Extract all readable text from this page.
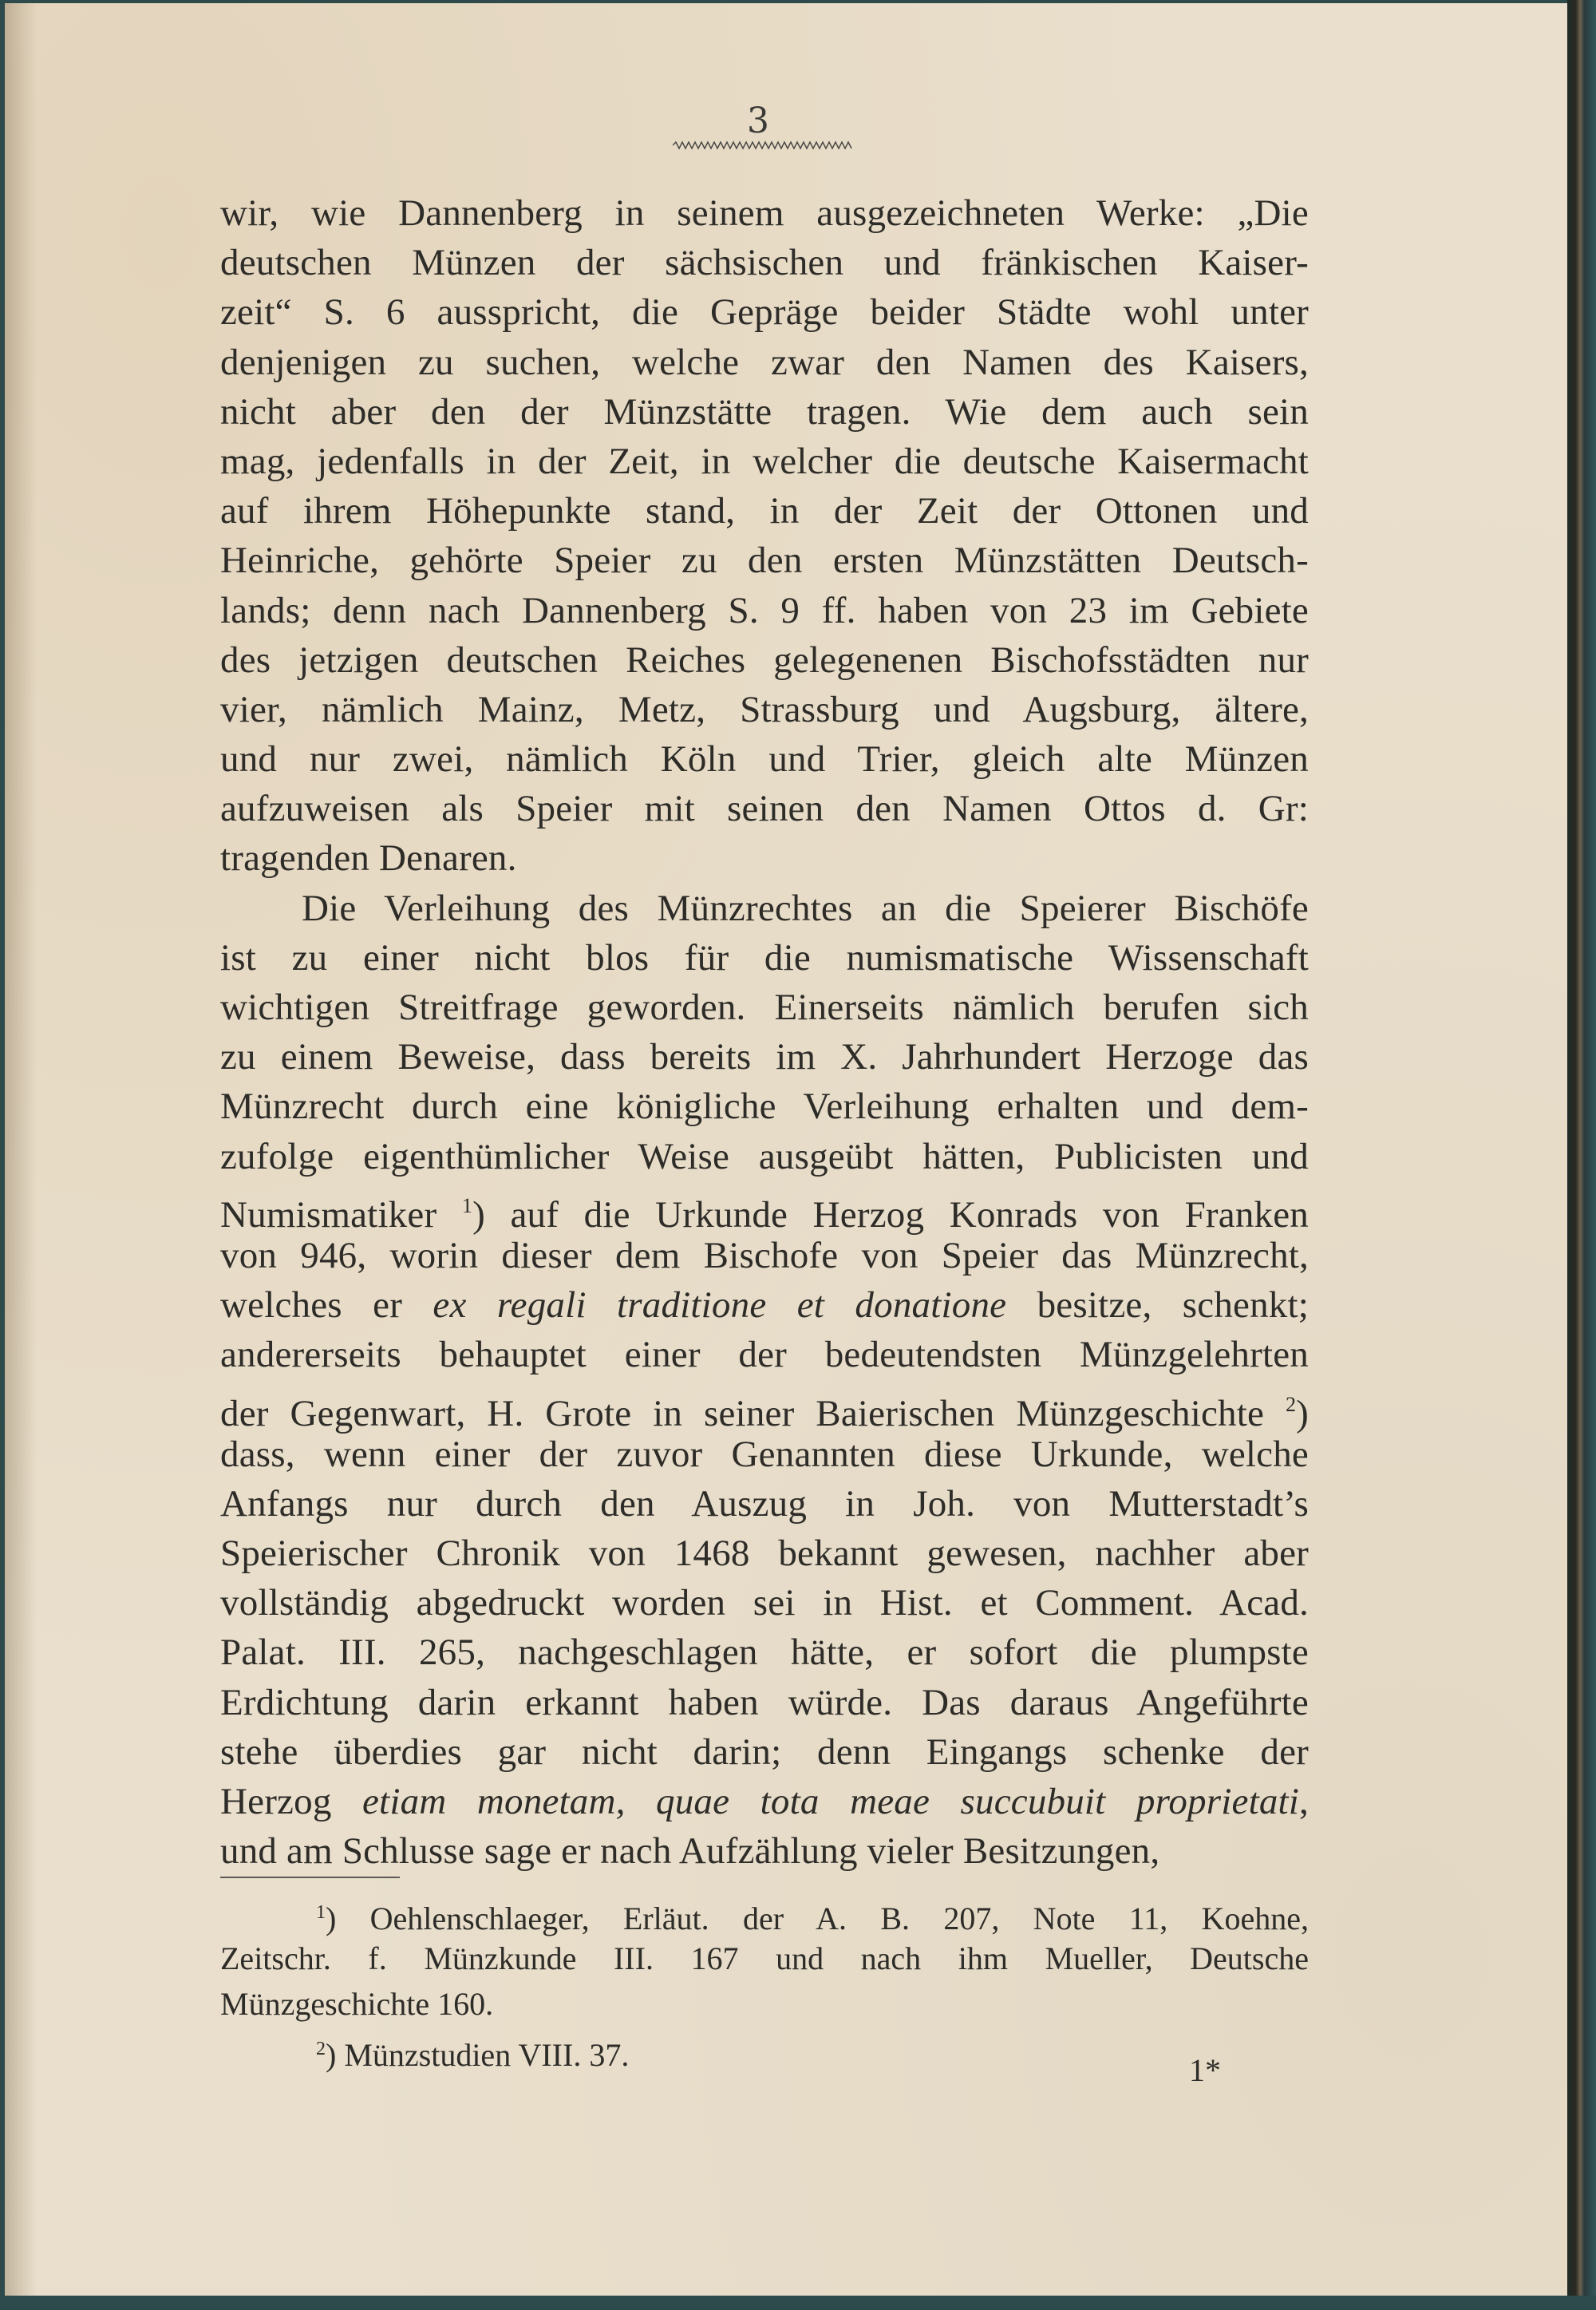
3
wir, wie Dannenberg in seinem ausgezeichneten Werke: „Die
deutschen Münzen der sächsischen und fränkischen Kaiser-
zeit“ S. 6 ausspricht, die Gepräge beider Städte wohl unter
denjenigen zu suchen, welche zwar den Namen des Kaisers,
nicht aber den der Münzstätte tragen. Wie dem auch sein
mag, jedenfalls in der Zeit, in welcher die deutsche Kaisermacht
auf ihrem Höhepunkte stand, in der Zeit der Ottonen und
Heinriche, gehörte Speier zu den ersten Münzstätten Deutsch-
lands; denn nach Dannenberg S. 9 ff. haben von 23 im Gebiete
des jetzigen deutschen Reiches gelegenenen Bischofsstädten nur
vier, nämlich Mainz, Metz, Strassburg und Augsburg, ältere,
und nur zwei, nämlich Köln und Trier, gleich alte Münzen
aufzuweisen als Speier mit seinen den Namen Ottos d. Gr:
tragenden Denaren.
Die Verleihung des Münzrechtes an die Speierer Bischöfe
ist zu einer nicht blos für die numismatische Wissenschaft
wichtigen Streitfrage geworden. Einerseits nämlich berufen sich
zu einem Beweise, dass bereits im X. Jahrhundert Herzoge das
Münzrecht durch eine königliche Verleihung erhalten und dem-
zufolge eigenthümlicher Weise ausgeübt hätten, Publicisten und
Numismatiker $^1$) auf die Urkunde Herzog Konrads von Franken
von 946, worin dieser dem Bischofe von Speier das Münzrecht,
welches er ex regali traditione et donatione besitze, schenkt;
andererseits behauptet einer der bedeutendsten Münzgelehrten
der Gegenwart, H. Grote in seiner Baierischen Münzgeschichte $^2$)
dass, wenn einer der zuvor Genannten diese Urkunde, welche
Anfangs nur durch den Auszug in Joh. von Mutterstadt’s
Speierischer Chronik von 1468 bekannt gewesen, nachher aber
vollständig abgedruckt worden sei in Hist. et Comment. Acad.
Palat. III. 265, nachgeschlagen hätte, er sofort die plumpste
Erdichtung darin erkannt haben würde. Das daraus Angeführte
stehe überdies gar nicht darin; denn Eingangs schenke der
Herzog etiam monetam, quae tota meae succubuit proprietati,
und am Schlusse sage er nach Aufzählung vieler Besitzungen,
$^1$) Oehlenschlaeger, Erläut. der A. B. 207, Note 11, Koehne,
Zeitschr. f. Münzkunde III. 167 und nach ihm Mueller, Deutsche
Münzgeschichte 160.
$^2$) Münzstudien VIII. 37.	1*
